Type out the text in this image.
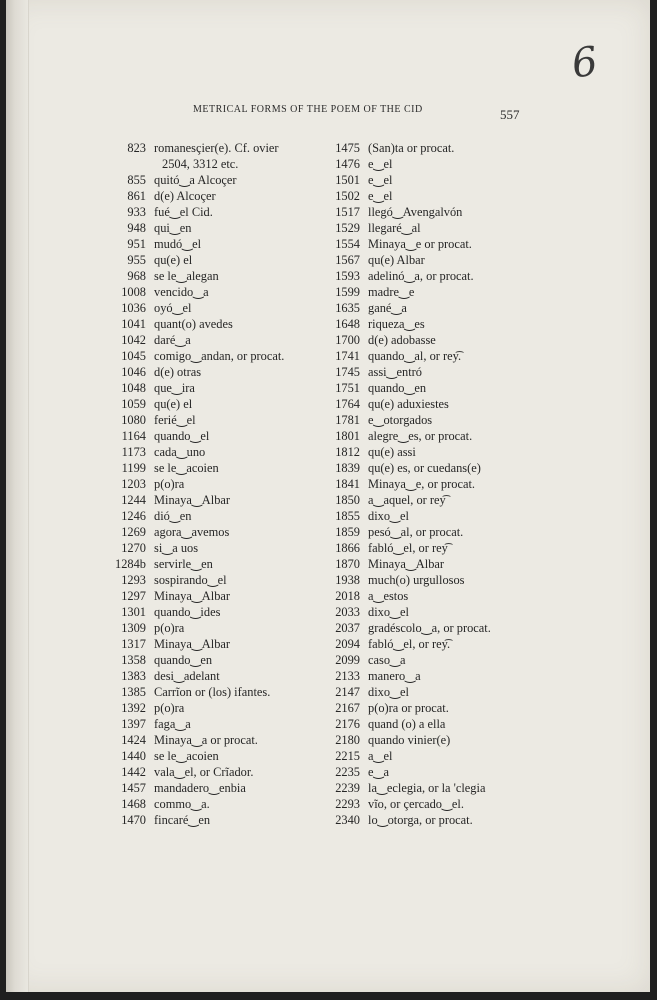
6
METRICAL FORMS OF THE POEM OF THE CID	557
823 romanesçier(e). Cf. ovier
2504, 3312 etc.
855 quitó‿a Alcoçer
861 d(e) Alcoçer
933 fué‿el Cid.
948 qui‿en
951 mudó‿el
955 qu(e) el
968 se le‿alegan
1008 vencido‿a
1036 oyó‿el
1041 quant(o) avedes
1042 daré‿a
1045 comigo‿andan, or procat.
1046 d(e) otras
1048 que‿ira
1059 qu(e) el
1080 ferié‿el
1164 quando‿el
1173 cada‿uno
1199 se le‿acoien
1203 p(o)ra
1244 Minaya‿Albar
1246 dió‿en
1269 agora‿avemos
1270 si‿a uos
1284b servirle‿en
1293 sospirando‿el
1297 Minaya‿Albar
1301 quando‿ides
1309 p(o)ra
1317 Minaya‿Albar
1358 quando‿en
1383 desi‿adelant
1385 Carrĩon or (los) ifantes.
1392 p(o)ra
1397 faga‿a
1424 Minaya‿a or procat.
1440 se le‿acoien
1442 vala‿el, or Crĩador.
1457 mandadero‿enbia
1468 commo‿a.
1470 fincaré‿en
1475 (San)ta or procat.
1476 e‿el
1501 e‿el
1502 e‿el
1517 llegó‿Avengalvón
1529 llegaré‿al
1554 Minaya‿e or procat.
1567 qu(e) Albar
1593 adelinó‿a, or procat.
1599 madre‿e
1635 gané‿a
1648 riqueza‿es
1700 d(e) adobasse
1741 quando‿al, or rey͡.
1745 assi‿entró
1751 quando‿en
1764 qu(e) aduxiestes
1781 e‿otorgados
1801 alegre‿es, or procat.
1812 qu(e) assi
1839 qu(e) es, or cuedans(e)
1841 Minaya‿e, or procat.
1850 a‿aquel, or rey͡
1855 dixo‿el
1859 pesó‿al, or procat.
1866 fabló‿el, or rey͡
1870 Minaya‿Albar
1938 much(o) urgullosos
2018 a‿estos
2033 dixo‿el
2037 gradéscolo‿a, or procat.
2094 fabló‿el, or rey͡.
2099 caso‿a
2133 manero‿a
2147 dixo‿el
2167 p(o)ra or procat.
2176 quand (o) a ella
2180 quando vinier(e)
2215 a‿el
2235 e‿a
2239 la‿eclegia, or la 'clegia
2293 vĩo, or çercado‿el.
2340 lo‿otorga, or procat.
